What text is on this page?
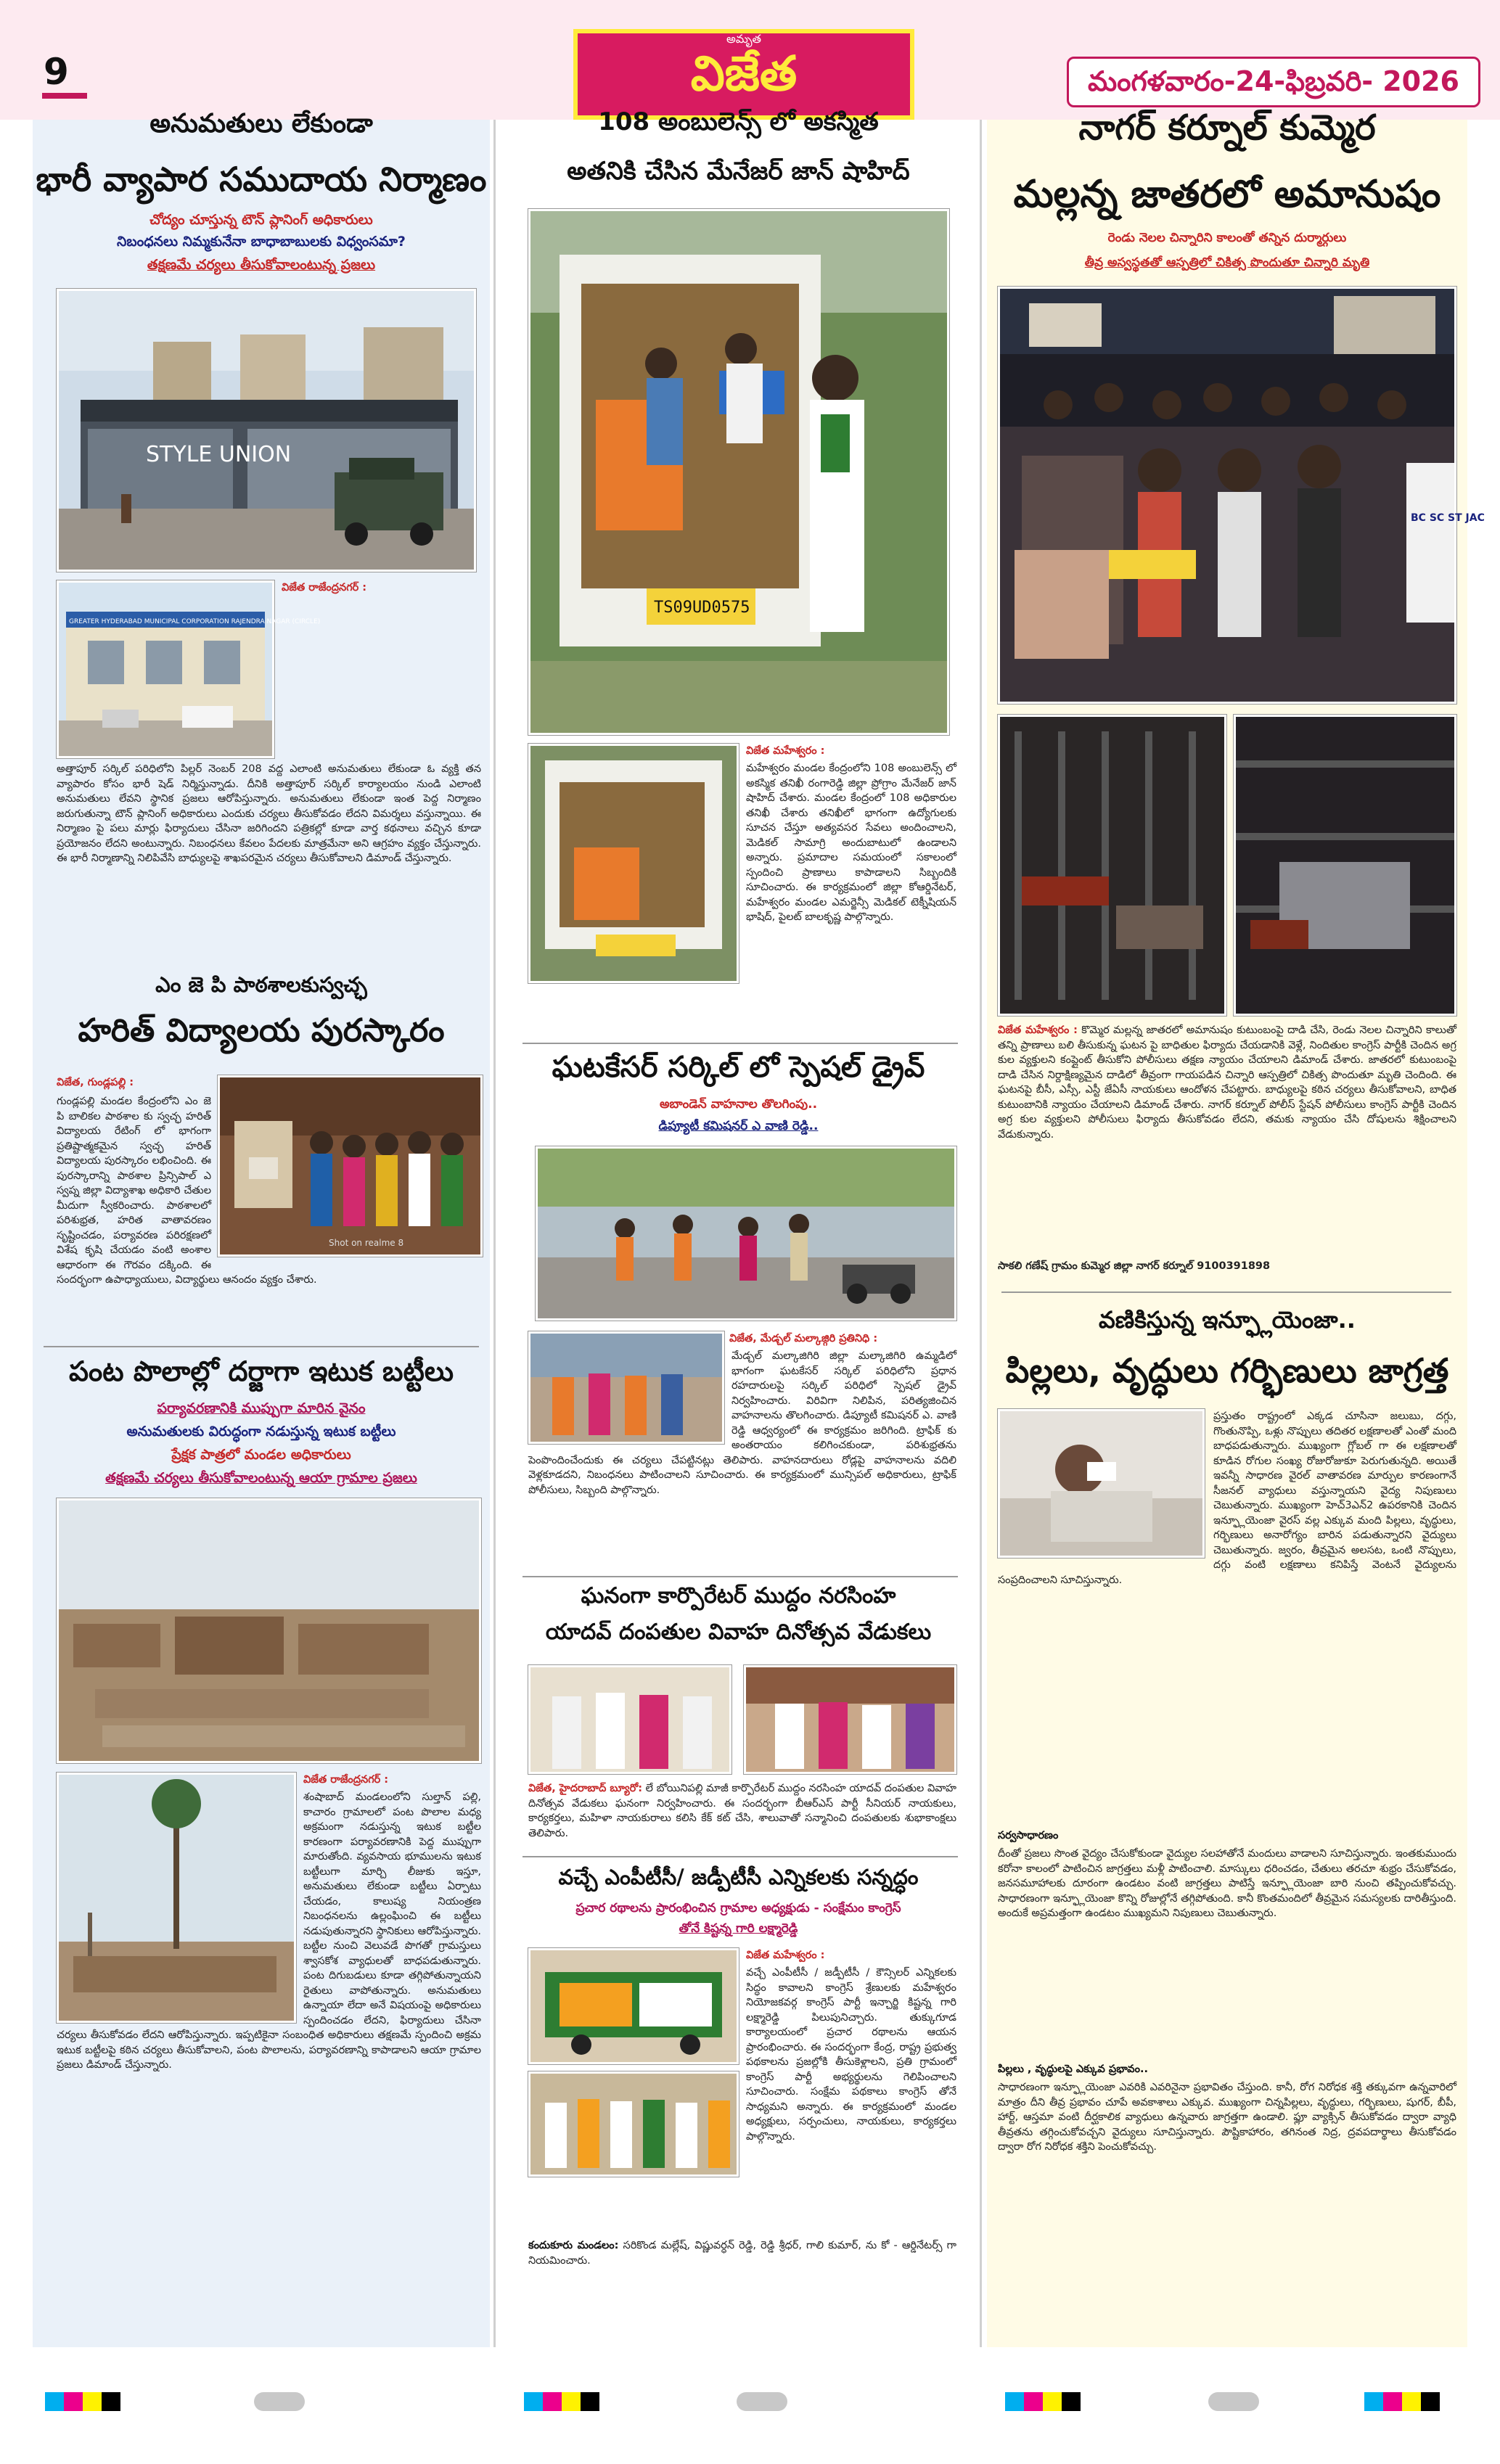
9
అమృత
విజేత	మంగళవారం-24-ఫిబ్రవరి- 2026
అనుమతులు లేకుండా
భారీ వ్యాపార సముదాయ నిర్మాణం
చోద్యం చూస్తున్న టౌన్ ప్లానింగ్ అధికారులు
నిబంధనలు నిమ్మకునేనా బాధాబాబులకు విధ్వంసమా?
తక్షణమే చర్యలు తీసుకోవాలంటున్న ప్రజలు
STYLE UNION
GREATER HYDERABAD MUNICIPAL CORPORATION RAJENDRA NAGAR (CIRCLE)
విజేత రాజేంద్రనగర్ :
అత్తాపూర్ సర్కిల్ పరిధిలోని పిల్లర్ నెంబర్ 208 వద్ద ఎలాంటి అనుమతులు లేకుండా ఓ వ్యక్తి తన వ్యాపారం కోసం భారీ షెడ్ నిర్మిస్తున్నాడు. దీనికి అత్తాపూర్ సర్కిల్ కార్యాలయం నుండి ఎలాంటి అనుమతులు లేవని స్థానిక ప్రజలు ఆరోపిస్తున్నారు. అనుమతులు లేకుండా ఇంత పెద్ద నిర్మాణం జరుగుతున్నా టౌన్ ప్లానింగ్ అధికారులు ఎందుకు చర్యలు తీసుకోవడం లేదని విమర్శలు వస్తున్నాయి. ఈ నిర్మాణం పై పలు మార్లు ఫిర్యాదులు చేసినా జరిగిందని పత్రికల్లో కూడా వార్త కథనాలు వచ్చిన కూడా ప్రయోజనం లేదని అంటున్నారు. నిబంధనలు కేవలం పేదలకు మాత్రమేనా అని ఆగ్రహం వ్యక్తం చేస్తున్నారు. ఈ భారీ నిర్మాణాన్ని నిలిపివేసి బాధ్యులపై శాఖపరమైన చర్యలు తీసుకోవాలని డిమాండ్ చేస్తున్నారు.
ఎం జె పి పాఠశాలకుస్వచ్ఛ
హరిత్ విద్యాలయ పురస్కారం
Shot on realme 8
విజేత, గుండ్లపల్లి :
గుండ్లపల్లి మండల కేంద్రంలోని ఎం జె పి బాలికల పాఠశాల కు స్వచ్ఛ హరిత్ విద్యాలయ రేటింగ్ లో భాగంగా ప్రతిష్టాత్మకమైన స్వచ్ఛ హరిత్ విద్యాలయ పురస్కారం లభించింది. ఈ పురస్కారాన్ని పాఠశాల ప్రిన్సిపాల్ ఎ స్వప్న జిల్లా విద్యాశాఖ అధికారి చేతుల మీదుగా స్వీకరించారు. పాఠశాలలో పరిశుభ్రత, హరిత వాతావరణం సృష్టించడం, పర్యావరణ పరిరక్షణలో విశేష కృషి చేయడం వంటి అంశాల ఆధారంగా ఈ గౌరవం దక్కింది. ఈ సందర్భంగా ఉపాధ్యాయులు, విద్యార్థులు ఆనందం వ్యక్తం చేశారు.
పంట పొలాల్లో దర్జాగా ఇటుక బట్టీలు
పర్యావరణానికి ముప్పుగా మారిన వైనం
అనుమతులకు విరుద్ధంగా నడుస్తున్న ఇటుక బట్టీలు
ప్రేక్షక పాత్రలో మండల అధికారులు
తక్షణమే చర్యలు తీసుకోవాలంటున్న ఆయా గ్రామాల ప్రజలు
విజేత రాజేంద్రనగర్ :
శంషాబాద్ మండలంలోని సుల్తాన్ పల్లి, కాచారం గ్రామాలలో పంట పొలాల మధ్య అక్రమంగా నడుస్తున్న ఇటుక బట్టీల కారణంగా పర్యావరణానికి పెద్ద ముప్పుగా మారుతోంది. వ్యవసాయ భూములను ఇటుక బట్టీలుగా మార్చి లీజుకు ఇస్తూ, అనుమతులు లేకుండా బట్టీలు ఏర్పాటు చేయడం, కాలుష్య నియంత్రణ నిబంధనలను ఉల్లంఘించి ఈ బట్టీలు నడుపుతున్నారని స్థానికులు ఆరోపిస్తున్నారు. బట్టీల నుంచి వెలువడే పొగతో గ్రామస్తులు శ్వాసకోశ వ్యాధులతో బాధపడుతున్నారు. పంట దిగుబడులు కూడా తగ్గిపోతున్నాయని రైతులు వాపోతున్నారు. అనుమతులు ఉన్నాయా లేదా అనే విషయంపై అధికారులు స్పందించడం లేదని, ఫిర్యాదులు చేసినా చర్యలు తీసుకోవడం లేదని ఆరోపిస్తున్నారు. ఇప్పటికైనా సంబంధిత అధికారులు తక్షణమే స్పందించి అక్రమ ఇటుక బట్టీలపై కఠిన చర్యలు తీసుకోవాలని, పంట పొలాలను, పర్యావరణాన్ని కాపాడాలని ఆయా గ్రామాల ప్రజలు డిమాండ్ చేస్తున్నారు.
108 అంబులెన్స్ లో అకస్మిత
అతనికి చేసిన మేనేజర్ జాన్ షాహిద్
TS09UD0575
విజేత మహేశ్వరం :
మహేశ్వరం మండల కేంద్రంలోని 108 అంబులెన్స్ లో అకస్మిక తనిఖీ రంగారెడ్డి జిల్లా ప్రోగ్రాం మేనేజర్ జాన్ షాహిద్ చేశారు. మండల కేంద్రంలో 108 అధికారుల తనిఖీ చేశారు తనిఖీలో భాగంగా ఉద్యోగులకు సూచన చేస్తూ అత్యవసర సేవలు అందించాలని, మెడికల్ సామాగ్రి అందుబాటులో ఉండాలని అన్నారు. ప్రమాదాల సమయంలో సకాలంలో స్పందించి ప్రాణాలు కాపాడాలని సిబ్బందికి సూచించారు. ఈ కార్యక్రమంలో జిల్లా కోఆర్డినేటర్, మహేశ్వరం మండల ఎమర్జెన్సీ మెడికల్ టెక్నీషియన్ భాషిద్, పైలట్ బాలకృష్ణ పాల్గొన్నారు.
ఘటకేసర్ సర్కిల్ లో స్పెషల్ డ్రైవ్
అబాండెన్ వాహనాల తొలగింపు..
డిప్యూటీ కమిషనర్ ఎ వాణి రెడ్డి..
విజేత, మేడ్చల్ మల్కాజ్గిరి ప్రతినిధి :
మేడ్చల్ మల్కాజిగిరి జిల్లా మల్కాజిగిరి ఉమ్మడిలో భాగంగా ఘటకేసర్ సర్కిల్ పరిధిలోని ప్రధాన రహదారులపై సర్కిల్ పరిధిలో స్పెషల్ డ్రైవ్ నిర్వహించారు. విరివిగా నిలిపిన, పరిత్యజించిన వాహనాలను తొలగించారు. డిప్యూటీ కమిషనర్ ఎ. వాణి రెడ్డి ఆధ్వర్యంలో ఈ కార్యక్రమం జరిగింది. ట్రాఫిక్ కు అంతరాయం కలిగించకుండా, పరిశుభ్రతను పెంపొందించేందుకు ఈ చర్యలు చేపట్టినట్లు తెలిపారు. వాహనదారులు రోడ్లపై వాహనాలను వదిలి వెళ్లకూడదని, నిబంధనలు పాటించాలని సూచించారు. ఈ కార్యక్రమంలో మున్సిపల్ అధికారులు, ట్రాఫిక్ పోలీసులు, సిబ్బంది పాల్గొన్నారు.
ఘనంగా కార్పొరేటర్ ముద్దం నరసింహ
యాదవ్ దంపతుల వివాహ దినోత్సవ వేడుకలు
విజేత, హైదరాబాద్ బ్యూరో: లే బోయినిపల్లి మాజీ కార్పొరేటర్ ముద్దం నరసింహ యాదవ్ దంపతుల వివాహ దినోత్సవ వేడుకలు ఘనంగా నిర్వహించారు. ఈ సందర్భంగా బీఆర్ఎస్ పార్టీ సీనియర్ నాయకులు, కార్యకర్తలు, మహిళా నాయకురాలు కలిసి కేక్ కట్ చేసి, శాలువాతో సన్మానించి దంపతులకు శుభాకాంక్షలు తెలిపారు.
వచ్చే ఎంపీటీసీ/ జడ్పీటీసీ ఎన్నికలకు సన్నద్ధం
ప్రచార రథాలను ప్రారంభించిన గ్రామాల అధ్యక్షుడు - సంక్షేమం కాంగ్రెస్
తోనే కిష్టన్న గారి లక్ష్మారెడ్డి
విజేత మహేశ్వరం :
వచ్చే ఎంపీటీసీ / జడ్పీటీసీ / కౌన్సిలర్ ఎన్నికలకు సిద్ధం కావాలని కాంగ్రెస్ శ్రేణులకు మహేశ్వరం నియోజకవర్గ కాంగ్రెస్ పార్టీ ఇన్చార్జి కిష్టన్న గారి లక్ష్మారెడ్డి పిలుపునిచ్చారు. తుక్కుగూడ కార్యాలయంలో ప్రచార రథాలను ఆయన ప్రారంభించారు. ఈ సందర్భంగా కేంద్ర, రాష్ట్ర ప్రభుత్వ పథకాలను ప్రజల్లోకి తీసుకెళ్లాలని, ప్రతి గ్రామంలో కాంగ్రెస్ పార్టీ అభ్యర్థులను గెలిపించాలని సూచించారు. సంక్షేమ పథకాలు కాంగ్రెస్ తోనే సాధ్యమని అన్నారు. ఈ కార్యక్రమంలో మండల అధ్యక్షులు, సర్పంచులు, నాయకులు, కార్యకర్తలు పాల్గొన్నారు.
కందుకూరు మండలం: సరికొండ మల్లేష్, విష్ణువర్ధన్ రెడ్డి, రెడ్డి శ్రీధర్, గాలి కుమార్, ను కో - ఆర్డినేటర్స్ గా నియమించారు.
నాగర్ కర్నూల్ కుమ్మెర
మల్లన్న జాతరలో అమానుషం
రెండు నెలల చిన్నారిని కాలంతో తన్నిన దుర్మార్గులు
తీవ్ర అస్వస్థతతో ఆస్పత్రిలో చికిత్స పొందుతూ చిన్నారి మృతి
BC SC ST JAC
విజేత మహేశ్వరం : కొమ్మెర మల్లన్న జాతరలో అమానుషం కుటుంబంపై దాడి చేసి, రెండు నెలల చిన్నారిని కాలుతో తన్ని ప్రాణాలు బలి తీసుకున్న ఘటన పై బాధితుల ఫిర్యాదు చేయడానికి వెళ్లే, నిందితుల కాంగ్రెస్ పార్టీకి చెందిన అగ్ర కుల వ్యక్తులని కంప్లైంట్ తీసుకోని పోలీసులు తక్షణ న్యాయం చేయాలని డిమాండ్ చేశారు. జాతరలో కుటుంబంపై దాడి చేసిన నిర్దాక్షిణ్యమైన దాడిలో తీవ్రంగా గాయపడిన చిన్నారి ఆస్పత్రిలో చికిత్స పొందుతూ మృతి చెందింది. ఈ ఘటనపై బీసీ, ఎస్సీ, ఎస్టీ జేఏసీ నాయకులు ఆందోళన చేపట్టారు. బాధ్యులపై కఠిన చర్యలు తీసుకోవాలని, బాధిత కుటుంబానికి న్యాయం చేయాలని డిమాండ్ చేశారు. నాగర్ కర్నూల్ పోలీస్ స్టేషన్ పోలీసులు కాంగ్రెస్ పార్టీకి చెందిన అగ్ర కుల వ్యక్తులని పోలీసులు ఫిర్యాదు తీసుకోవడం లేదని, తమకు న్యాయం చేసి దోషులను శిక్షించాలని వేడుకున్నారు.
సాకలి గణేష్ గ్రామం కుమ్మెర జిల్లా నాగర్ కర్నూల్ 9100391898
వణికిస్తున్న ఇన్ఫ్లూయెంజా..
పిల్లలు, వృద్ధులు గర్భిణులు జాగ్రత్త
ప్రస్తుతం రాష్ట్రంలో ఎక్కడ చూసినా జలుబు, దగ్గు, గొంతునొప్పి, ఒళ్లు నొప్పులు తదితర లక్షణాలతో ఎంతో మంది బాధపడుతున్నారు. ముఖ్యంగా గ్లోబల్ గా ఈ లక్షణాలతో కూడిన రోగుల సంఖ్య రోజురోజుకూ పెరుగుతున్నది. అయితే ఇవన్నీ సాధారణ వైరల్ వాతావరణ మార్పుల కారణంగానే సీజనల్ వ్యాధులు వస్తున్నాయని వైద్య నిపుణులు చెబుతున్నారు. ముఖ్యంగా హెచ్3ఎన్2 ఉపరకానికి చెందిన ఇన్ఫ్లూయెంజా వైరస్ వల్ల ఎక్కువ మంది పిల్లలు, వృద్ధులు, గర్భిణులు అనారోగ్యం బారిన పడుతున్నారని వైద్యులు చెబుతున్నారు. జ్వరం, తీవ్రమైన అలసట, ఒంటి నొప్పులు, దగ్గు వంటి లక్షణాలు కనిపిస్తే వెంటనే వైద్యులను సంప్రదించాలని సూచిస్తున్నారు.
సర్వసాధారణం
దీంతో ప్రజలు సొంత వైద్యం చేసుకోకుండా వైద్యుల సలహాతోనే మందులు వాడాలని సూచిస్తున్నారు. ఇంతకుముందు కరోనా కాలంలో పాటించిన జాగ్రత్తలు మళ్లీ పాటించాలి. మాస్కులు ధరించడం, చేతులు తరచూ శుభ్రం చేసుకోవడం, జనసమూహాలకు దూరంగా ఉండటం వంటి జాగ్రత్తలు పాటిస్తే ఇన్ఫ్లూయెంజా బారి నుంచి తప్పించుకోవచ్చు. సాధారణంగా ఇన్ఫ్లూయెంజా కొన్ని రోజుల్లోనే తగ్గిపోతుంది. కానీ కొంతమందిలో తీవ్రమైన సమస్యలకు దారితీస్తుంది. అందుకే అప్రమత్తంగా ఉండటం ముఖ్యమని నిపుణులు చెబుతున్నారు.
పిల్లలు , వృద్ధులపై ఎక్కువ ప్రభావం..
సాధారణంగా ఇన్ఫ్లూయెంజా ఎవరికి ఎవరినైనా ప్రభావితం చేస్తుంది. కానీ, రోగ నిరోధక శక్తి తక్కువగా ఉన్నవారిలో మాత్రం దీని తీవ్ర ప్రభావం చూపే అవకాశాలు ఎక్కువ. ముఖ్యంగా చిన్నపిల్లలు, వృద్ధులు, గర్భిణులు, షుగర్, బీపీ, హార్ట్, ఆస్తమా వంటి దీర్ఘకాలిక వ్యాధులు ఉన్నవారు జాగ్రత్తగా ఉండాలి. ఫ్లూ వ్యాక్సిన్ తీసుకోవడం ద్వారా వ్యాధి తీవ్రతను తగ్గించుకోవచ్చని వైద్యులు సూచిస్తున్నారు. పౌష్టికాహారం, తగినంత నిద్ర, ద్రవపదార్థాలు తీసుకోవడం ద్వారా రోగ నిరోధక శక్తిని పెంచుకోవచ్చు.
